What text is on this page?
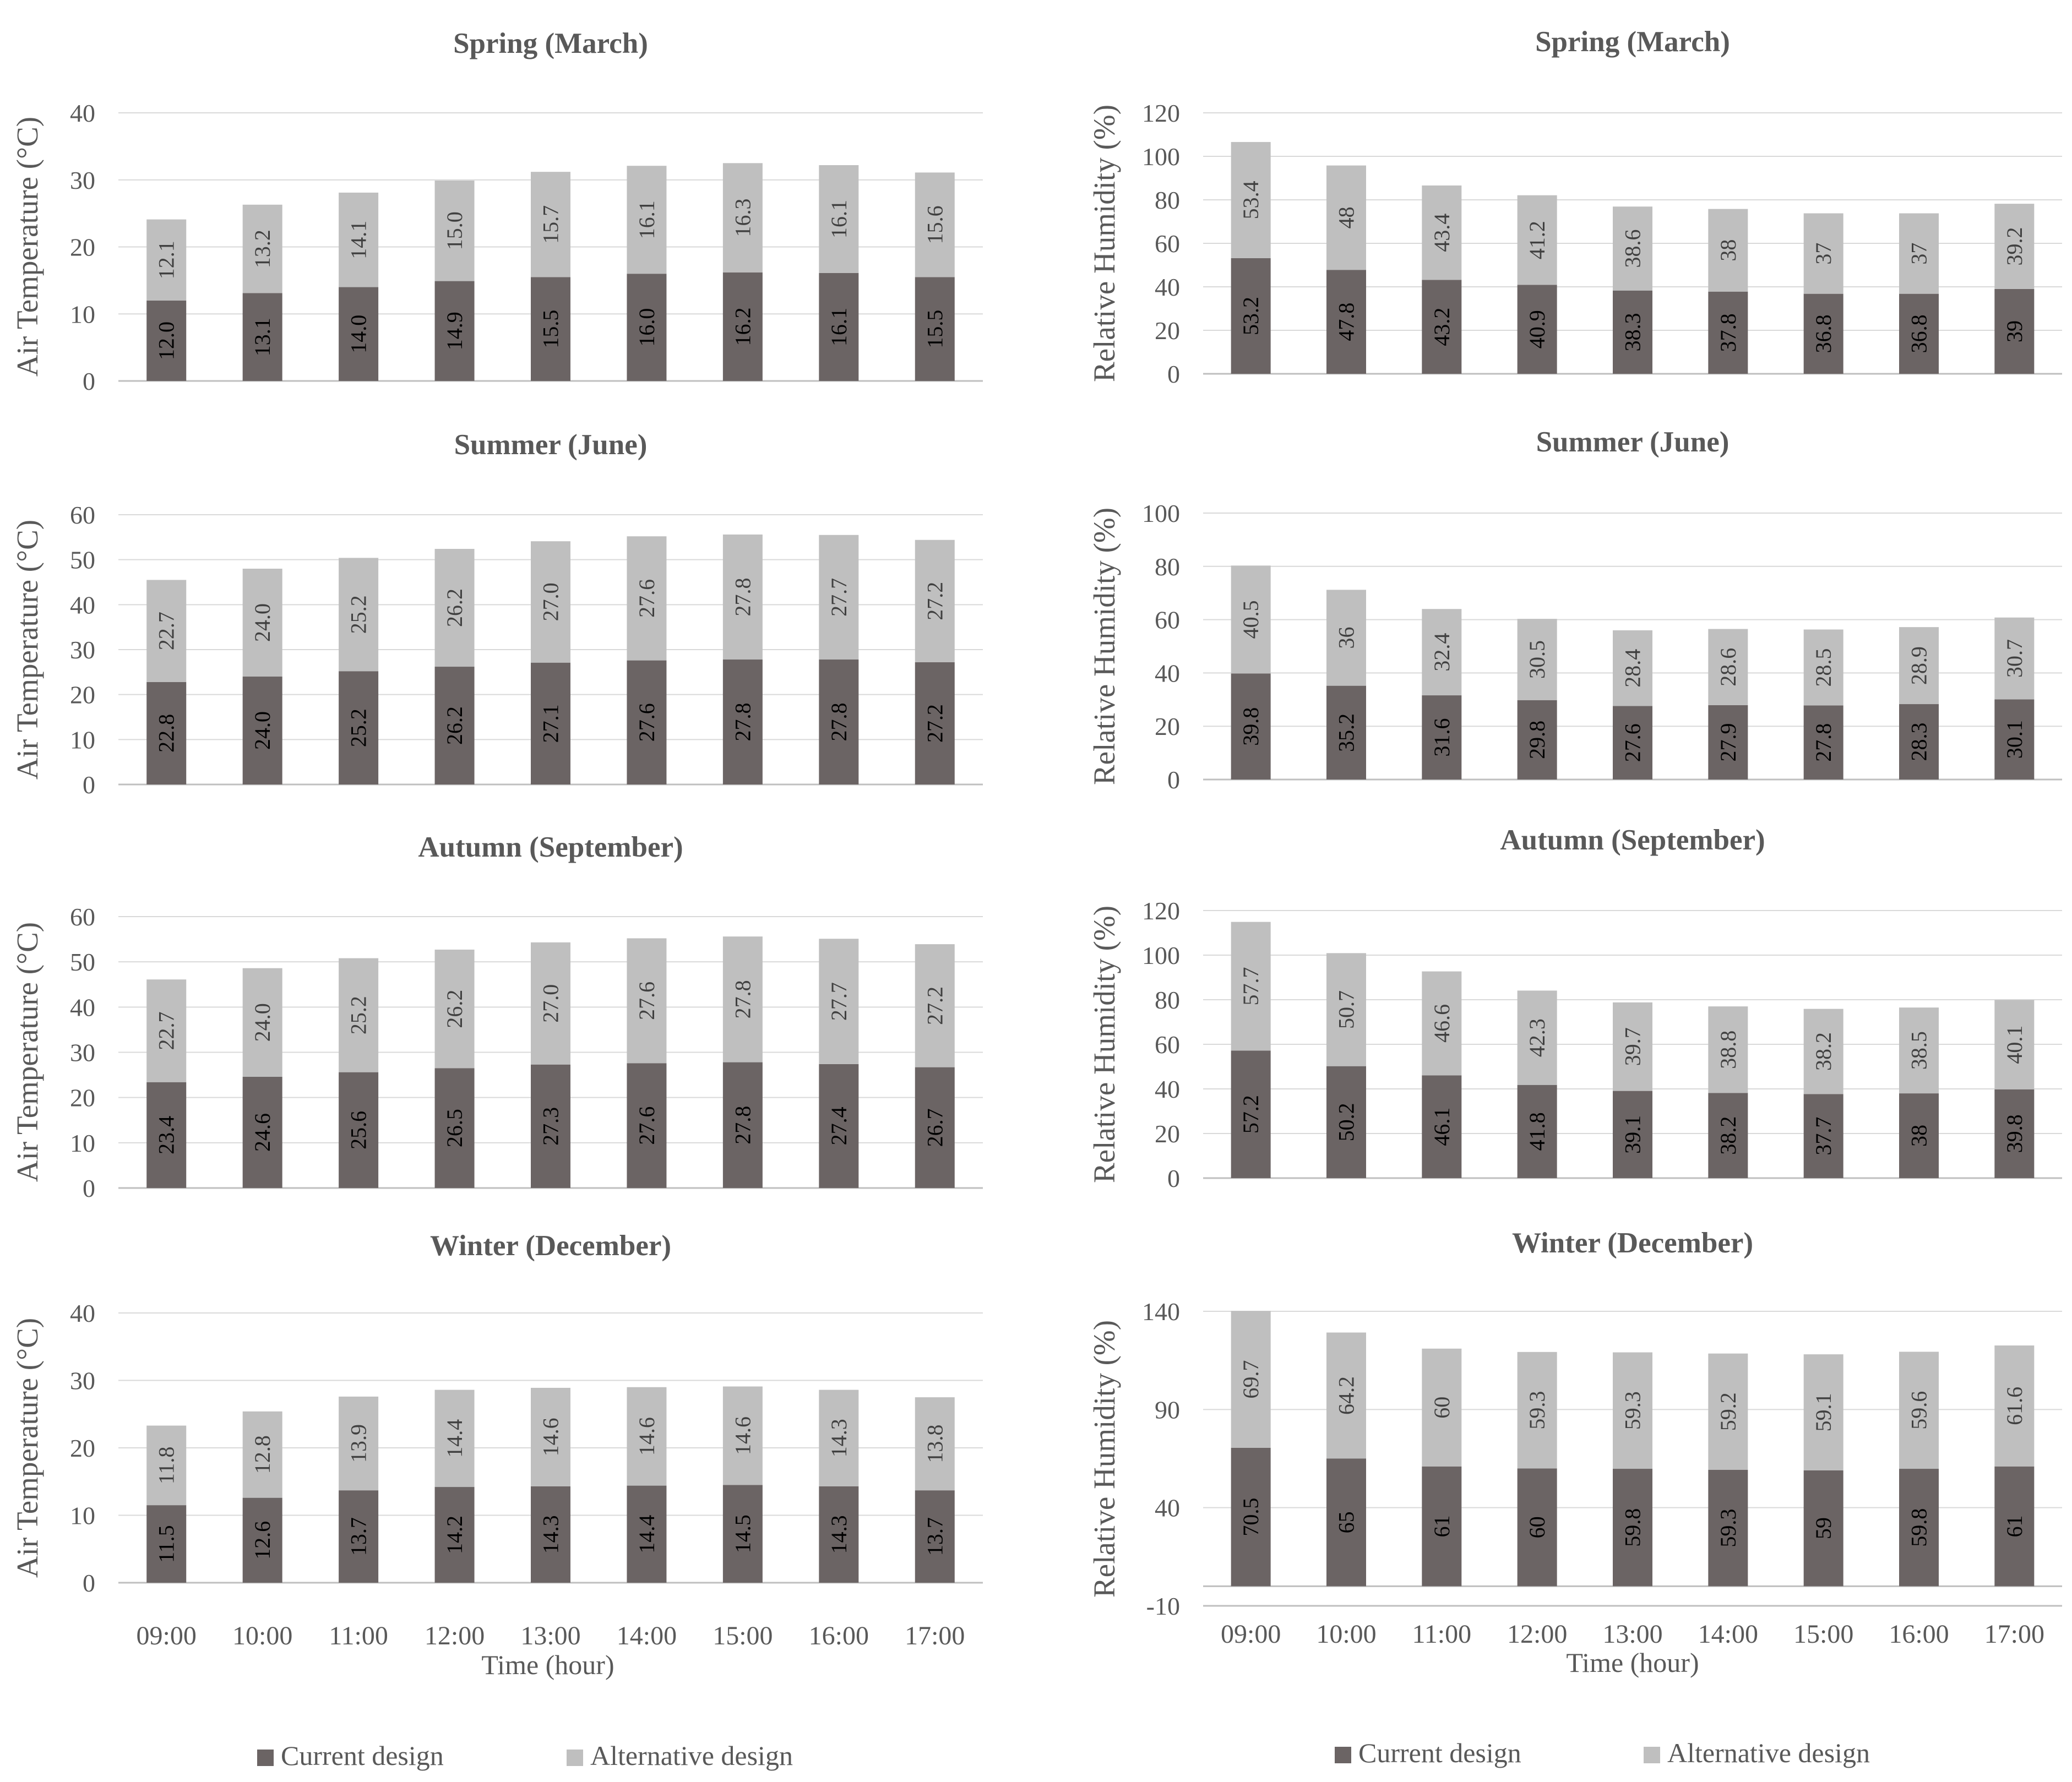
Time (hour)	Time (hour)
Current design	Alternative design	Current design	Alternative design
Spring (March)
Air Temperature (°C)
0
10
20
30
40
12.0
12.1
13.1
13.2
14.0
14.1
14.9
15.0
15.5
15.7
16.0
16.1
16.2
16.3
16.1
16.1
15.5
15.6
Spring (March)
Relative Humidity (%) 0
20
40
60
80
100
120
53.2
53.4
47.8
48
43.2
43.4
40.9
41.2
38.3
38.6
37.8
38
36.8
37
36.8
37
39
39.2
Summer (June)
Air Temperature (°C)
0
10
20
30
40
50
60
22.8
22.7
24.0
24.0
25.2
25.2
26.2
26.2
27.1
27.0
27.6
27.6
27.8
27.8
27.8
27.7
27.2
27.2
Summer (June)
Relative Humidity (%) 0
20
40
60
80
100
39.8
40.5
35.2
36
31.6
32.4
29.8
30.5
27.6
28.4
27.9
28.6
27.8
28.5
28.3
28.9
30.1
30.7
Autumn (September)
Air Temperature (°C)
0
10
20
30
40
50
60
23.4
22.7
24.6
24.0
25.6
25.2
26.5
26.2
27.3
27.0
27.6
27.6
27.8
27.8
27.4
27.7
26.7
27.2
Autumn (September)
Relative Humidity (%) 0
20
40
60
80
100
120
57.2
57.7
50.2
50.7
46.1
46.6
41.8
42.3
39.1
39.7
38.2
38.8
37.7
38.2
38
38.5
39.8
40.1
Winter (December)
Air Temperature (°C)
0
10
20
30
40
11.5
11.8
09:00
12.6
12.8
10:00
13.7
13.9
11:00
14.2
14.4
12:00
14.3
14.6
13:00
14.4
14.6
14:00
14.5
14.6
15:00
14.3
14.3
16:00
13.7
13.8
17:00
Winter (December)
Relative Humidity (%)
-10
40
90
140
70.5
69.7
09:00
65
64.2
10:00
61
60
11:00
60
59.3
12:00
59.8
59.3
13:00
59.3
59.2
14:00
59
59.1
15:00
59.8
59.6
16:00
61
61.6
17:00
